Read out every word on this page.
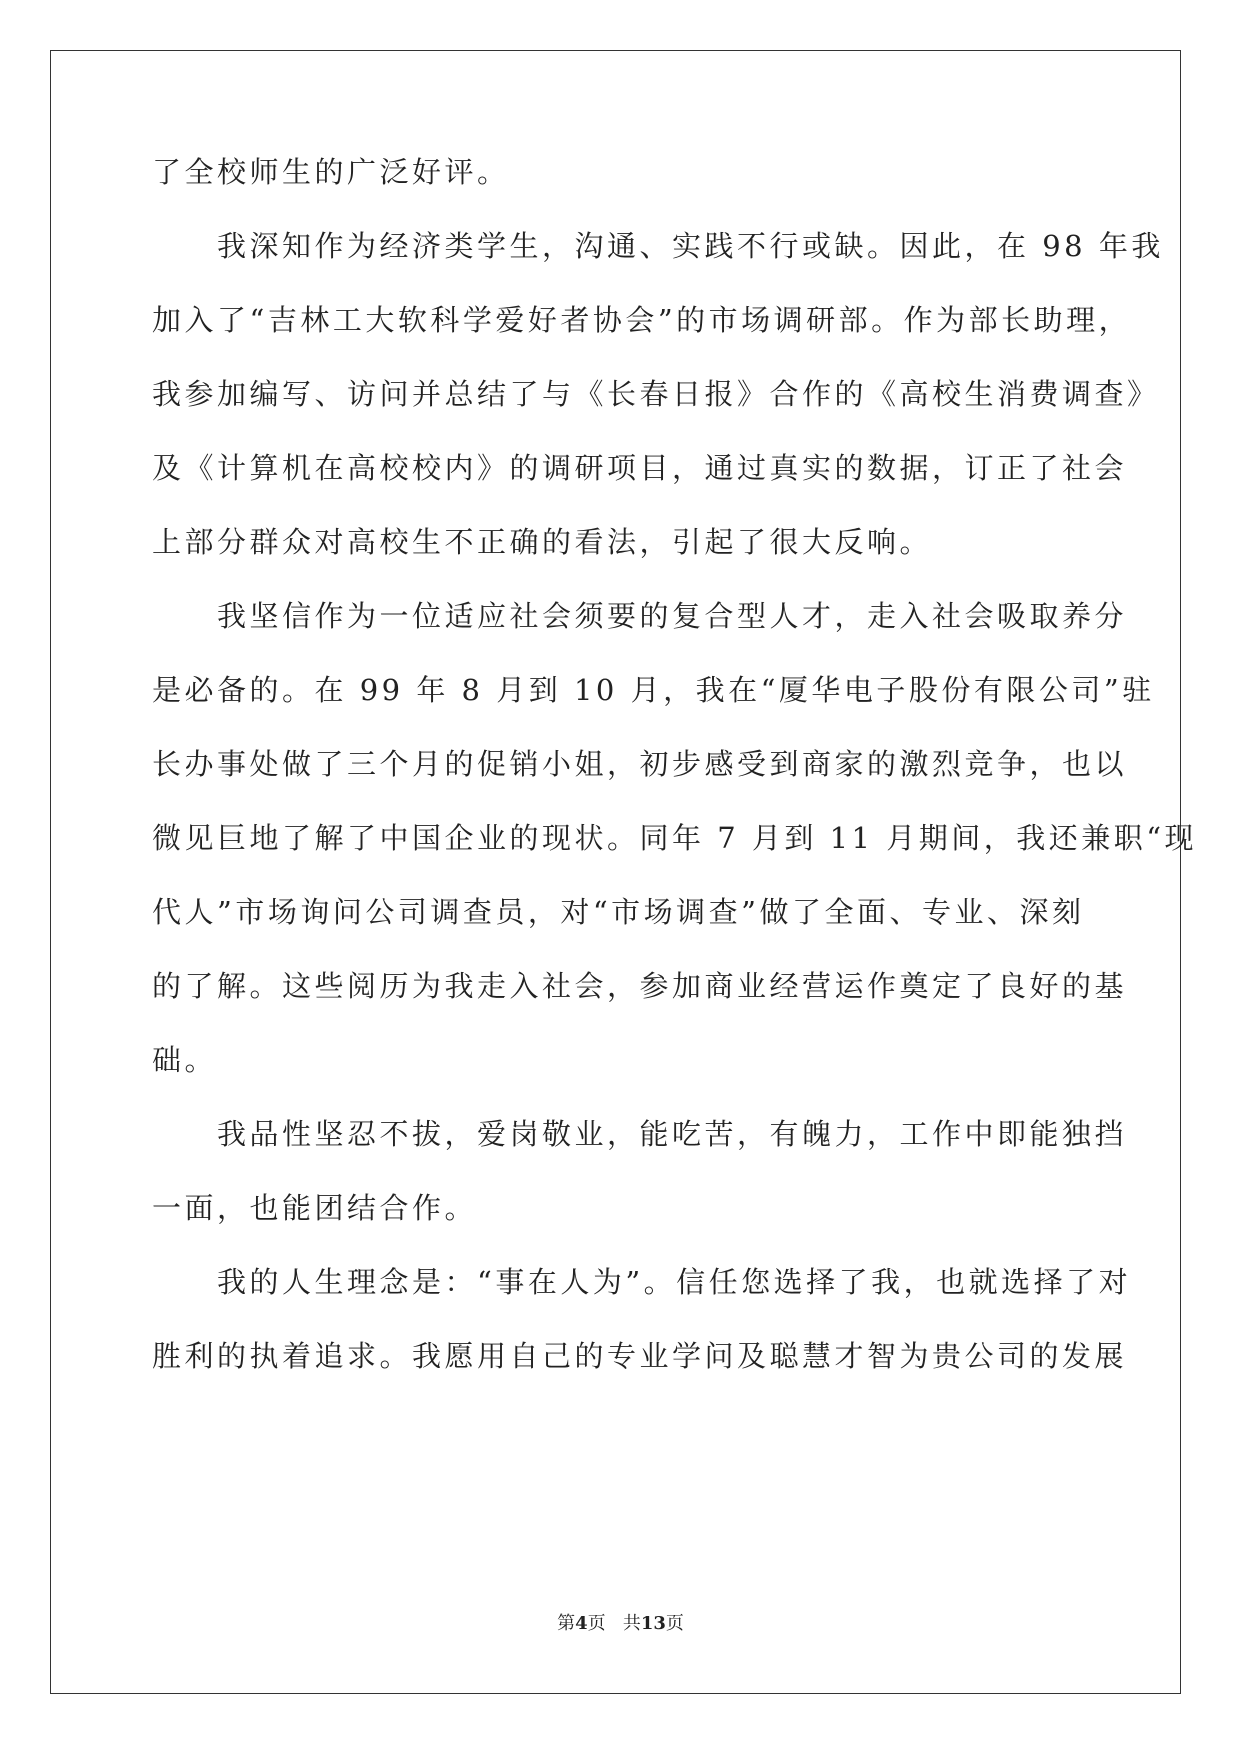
了全校师生的广泛好评。
　　我深知作为经济类学生，沟通、实践不行或缺。因此，在 98 年我
加入了“吉林工大软科学爱好者协会”的市场调研部。作为部长助理，
我参加编写、访问并总结了与《长春日报》合作的《高校生消费调查》
及《计算机在高校校内》的调研项目，通过真实的数据，订正了社会
上部分群众对高校生不正确的看法，引起了很大反响。
　　我坚信作为一位适应社会须要的复合型人才，走入社会吸取养分
是必备的。在 99 年 8 月到 10 月，我在“厦华电子股份有限公司”驻
长办事处做了三个月的促销小姐，初步感受到商家的激烈竞争，也以
微见巨地了解了中国企业的现状。同年 7 月到 11 月期间，我还兼职“现
代人”市场询问公司调查员，对“市场调查”做了全面、专业、深刻
的了解。这些阅历为我走入社会，参加商业经营运作奠定了良好的基
础。
　　我品性坚忍不拔，爱岗敬业，能吃苦，有魄力，工作中即能独挡
一面，也能团结合作。
　　我的人生理念是：“事在人为”。信任您选择了我，也就选择了对
胜利的执着追求。我愿用自己的专业学问及聪慧才智为贵公司的发展
第4页 共13页
